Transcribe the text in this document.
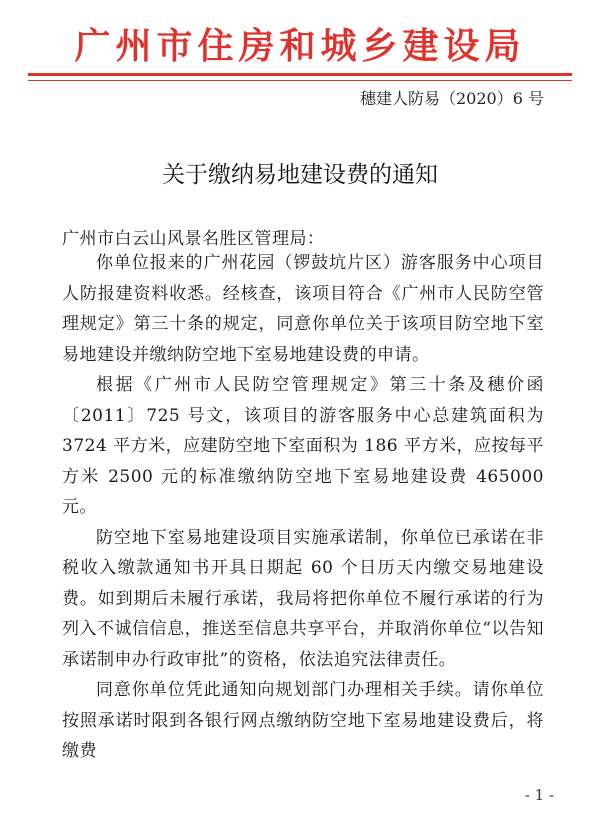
广州市住房和城乡建设局
穗建人防易（2020）6 号
关于缴纳易地建设费的通知
广州市白云山风景名胜区管理局：

你单位报来的广州花园（锣鼓坑片区）游客服务中心项目人防报建资料收悉。经核查，该项目符合《广州市人民防空管理规定》第三十条的规定，同意你单位关于该项目防空地下室易地建设并缴纳防空地下室易地建设费的申请。

根据《广州市人民防空管理规定》第三十条及穗价函〔2011〕725 号文，该项目的游客服务中心总建筑面积为 3724 平方米，应建防空地下室面积为 186 平方米，应按每平方米 2500 元的标准缴纳防空地下室易地建设费 465000 元。

防空地下室易地建设项目实施承诺制，你单位已承诺在非税收入缴款通知书开具日期起 60 个日历天内缴交易地建设费。如到期后未履行承诺，我局将把你单位不履行承诺的行为列入不诚信信息，推送至信息共享平台，并取消你单位“以告知承诺制申办行政审批”的资格，依法追究法律责任。

同意你单位凭此通知向规划部门办理相关手续。请你单位按照承诺时限到各银行网点缴纳防空地下室易地建设费后，将缴费

- 1 -
